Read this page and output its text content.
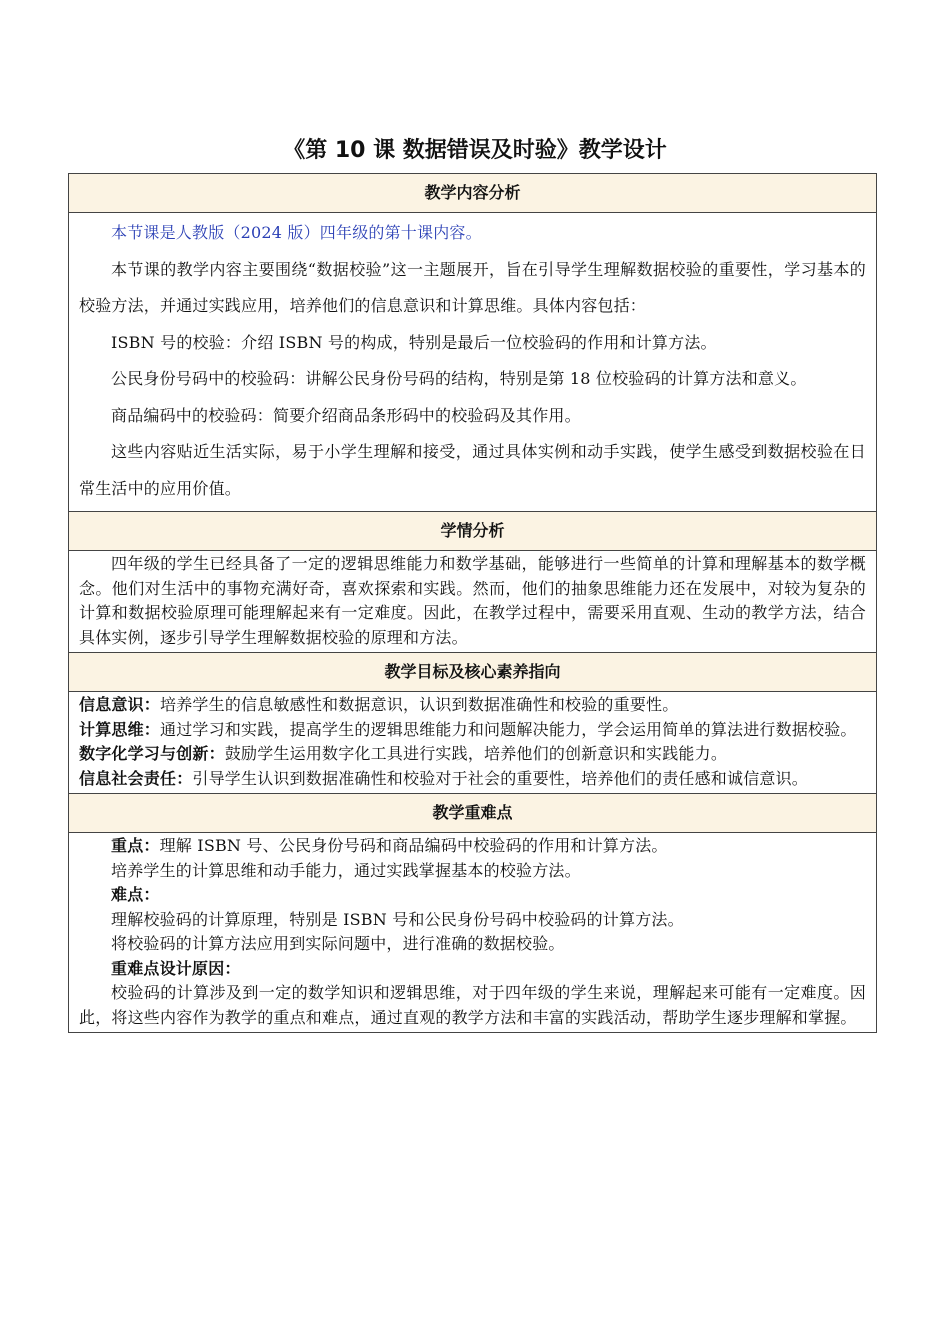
《第 10 课 数据错误及时验》教学设计
教学内容分析

本节课是人教版（2024 版）四年级的第十课内容。

本节课的教学内容主要围绕“数据校验”这一主题展开，旨在引导学生理解数据校验的重要性，学习基本的校验方法，并通过实践应用，培养他们的信息意识和计算思维。具体内容包括：

ISBN 号的校验：介绍 ISBN 号的构成，特别是最后一位校验码的作用和计算方法。

公民身份号码中的校验码：讲解公民身份号码的结构，特别是第 18 位校验码的计算方法和意义。

商品编码中的校验码：简要介绍商品条形码中的校验码及其作用。

这些内容贴近生活实际，易于小学生理解和接受，通过具体实例和动手实践，使学生感受到数据校验在日常生活中的应用价值。

学情分析

四年级的学生已经具备了一定的逻辑思维能力和数学基础，能够进行一些简单的计算和理解基本的数学概念。他们对生活中的事物充满好奇，喜欢探索和实践。然而，他们的抽象思维能力还在发展中，对较为复杂的计算和数据校验原理可能理解起来有一定难度。因此，在教学过程中，需要采用直观、生动的教学方法，结合具体实例，逐步引导学生理解数据校验的原理和方法。

教学目标及核心素养指向

信息意识：培养学生的信息敏感性和数据意识，认识到数据准确性和校验的重要性。

计算思维：通过学习和实践，提高学生的逻辑思维能力和问题解决能力，学会运用简单的算法进行数据校验。

数字化学习与创新：鼓励学生运用数字化工具进行实践，培养他们的创新意识和实践能力。

信息社会责任：引导学生认识到数据准确性和校验对于社会的重要性，培养他们的责任感和诚信意识。

教学重难点

重点：理解 ISBN 号、公民身份号码和商品编码中校验码的作用和计算方法。

培养学生的计算思维和动手能力，通过实践掌握基本的校验方法。

难点：

理解校验码的计算原理，特别是 ISBN 号和公民身份号码中校验码的计算方法。

将校验码的计算方法应用到实际问题中，进行准确的数据校验。

重难点设计原因：

校验码的计算涉及到一定的数学知识和逻辑思维，对于四年级的学生来说，理解起来可能有一定难度。因此，将这些内容作为教学的重点和难点，通过直观的教学方法和丰富的实践活动，帮助学生逐步理解和掌握。
